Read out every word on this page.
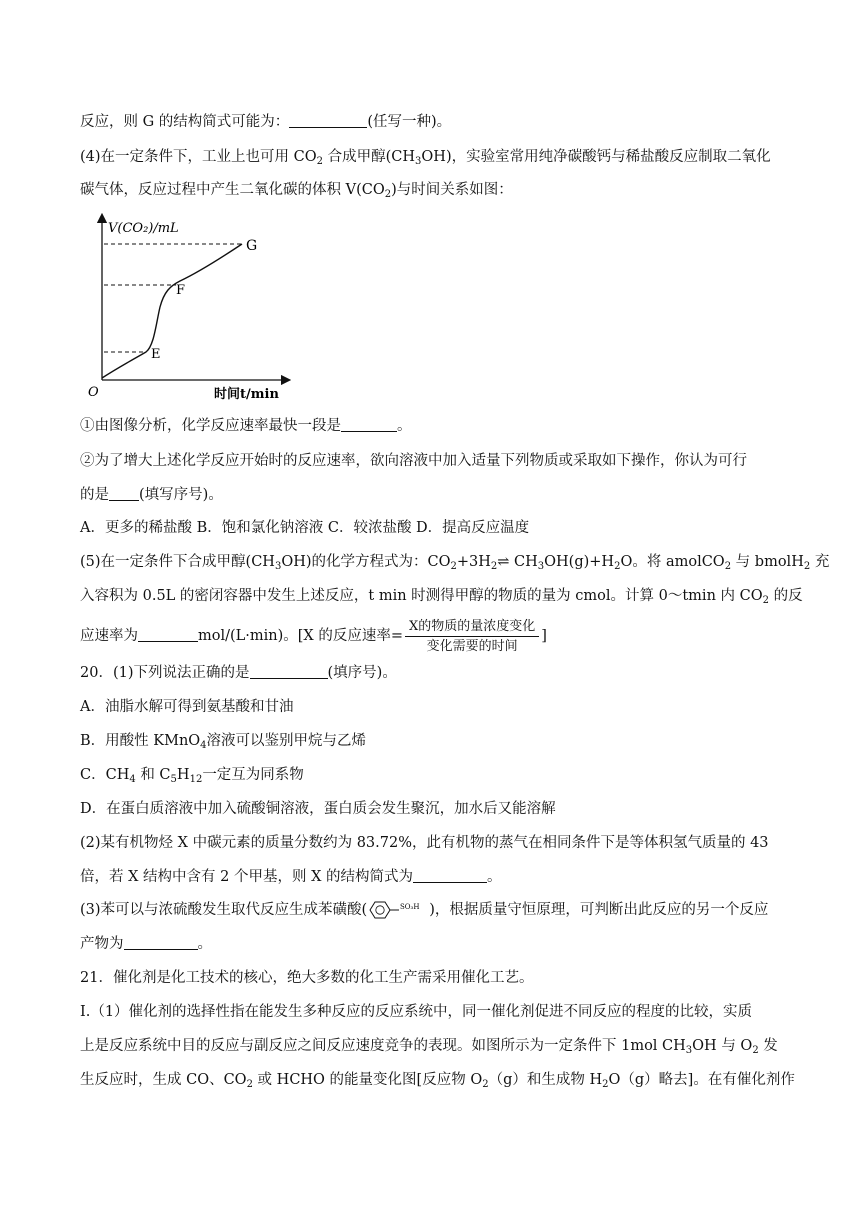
反应，则 G 的结构简式可能为：	(任写一种)。
(4)在一定条件下，工业上也可用 $CO_2$ 合成甲醇$(CH_3OH)$，实验室常用纯净碳酸钙与稀盐酸反应制取二氧化
碳气体，反应过程中产生二氧化碳的体积 $V(CO_2)$与时间关系如图：
V(CO₂)/mL
时间t/min
O
E
F
G
①由图像分析，化学反应速率最快一段是	。
②为了增大上述化学反应开始时的反应速率，欲向溶液中加入适量下列物质或采取如下操作，你认为可行
的是 (填写序号)。
A．更多的稀盐酸 B．饱和氯化钠溶液 C．较浓盐酸 D．提高反应温度
(5)在一定条件下合成甲醇$(CH_3OH)$的化学方程式为：$CO_2+3H_2\rightleftharpoons$ $CH_3OH(g)+H_2O$。将 amolCO$_2$ 与 bmolH$_2$ 充
入容积为 0.5L 的密闭容器中发生上述反应，t min 时测得甲醇的物质的量为 cmol。计算 0～tmin 内 $CO_2$ 的反
应速率为	mol/(L·min)。[X 的反应速率= $\frac{\text{X的物质的量浓度变化}}{\text{变化需要的时间}}$ ]
20．(1)下列说法正确的是	(填序号)。
A．油脂水解可得到氨基酸和甘油
B．用酸性 KMnO$_4$溶液可以鉴别甲烷与乙烯
C．$CH_4$ 和 $C_5H_{12}$一定互为同系物
D．在蛋白质溶液中加入硫酸铜溶液，蛋白质会发生聚沉，加水后又能溶解
(2)某有机物烃 X 中碳元素的质量分数约为 83.72%，此有机物的蒸气在相同条件下是等体积氢气质量的 43
倍，若 X 结构中含有 2 个甲基，则 X 的结构简式为	。
(3)苯可以与浓硫酸发生取代反应生成苯磺酸(	SO₃H )，根据质量守恒原理，可判断出此反应的另一个反应
产物为	。
21．催化剂是化工技术的核心，绝大多数的化工生产需采用催化工艺。
I.（1）催化剂的选择性指在能发生多种反应的反应系统中，同一催化剂促进不同反应的程度的比较，实质
上是反应系统中目的反应与副反应之间反应速度竞争的表现。如图所示为一定条件下 1mol $CH_3OH$ 与 $O_2$ 发
生反应时，生成 CO、$CO_2$ 或 HCHO 的能量变化图[反应物 $O_2(g)$和生成物 $H_2O(g)$略去]。在有催化剂作
